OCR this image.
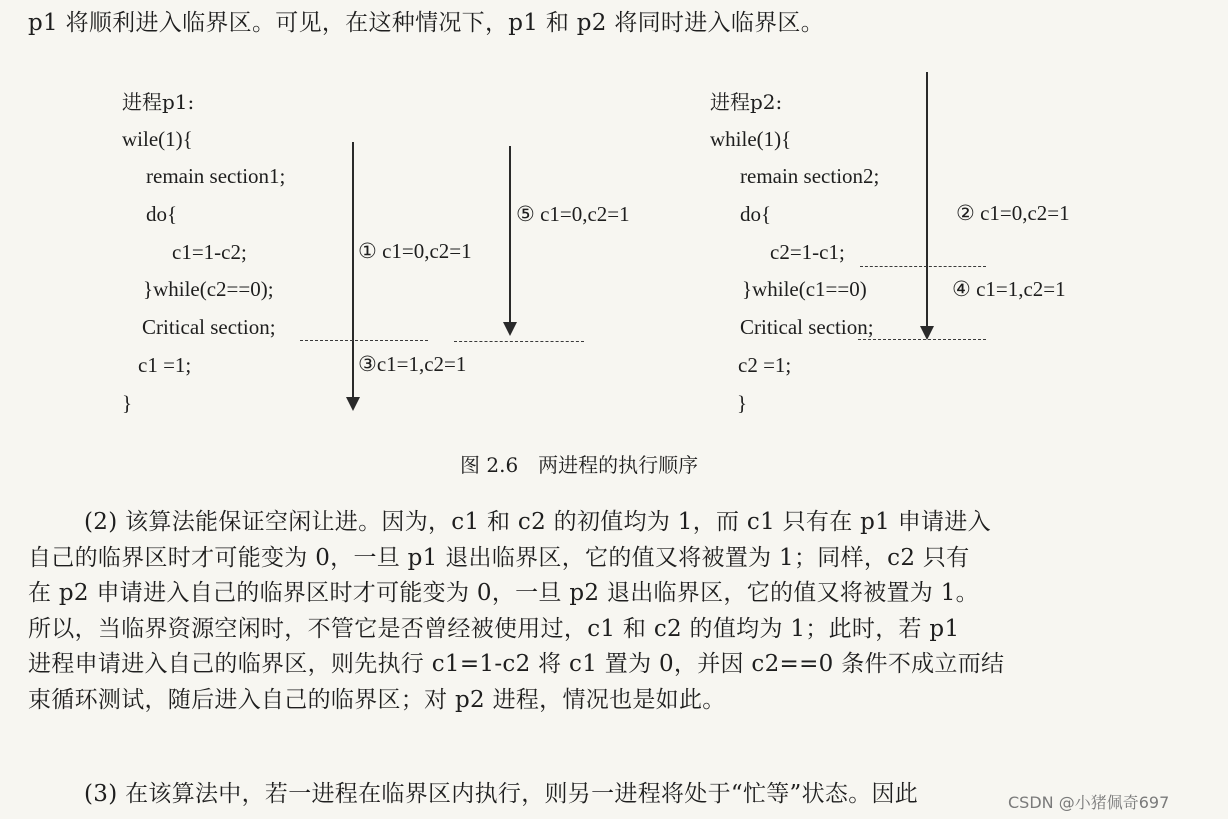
p1 将顺利进入临界区。可见，在这种情况下，p1 和 p2 将同时进入临界区。
进程p1:
wile(1){
remain section1;
do{
c1=1-c2;
}while(c2==0);
Critical section;
c1 =1;
}
① c1=0,c2=1
⑤ c1=0,c2=1
③c1=1,c2=1
进程p2:
while(1){
remain section2;
do{
c2=1-c1;
}while(c1==0)
Critical section;
c2 =1;
}
② c1=0,c2=1
④ c1=1,c2=1
图 2.6　两进程的执行顺序
(2) 该算法能保证空闲让进。因为，c1 和 c2 的初值均为 1，而 c1 只有在 p1 申请进入
自己的临界区时才可能变为 0，一旦 p1 退出临界区，它的值又将被置为 1；同样，c2 只有
在 p2 申请进入自己的临界区时才可能变为 0，一旦 p2 退出临界区，它的值又将被置为 1。
所以，当临界资源空闲时，不管它是否曾经被使用过，c1 和 c2 的值均为 1；此时，若 p1
进程申请进入自己的临界区，则先执行 c1=1-c2 将 c1 置为 0，并因 c2==0 条件不成立而结
束循环测试，随后进入自己的临界区；对 p2 进程，情况也是如此。
(3) 在该算法中，若一进程在临界区内执行，则另一进程将处于“忙等”状态。因此	CSDN @小猪佩奇697
